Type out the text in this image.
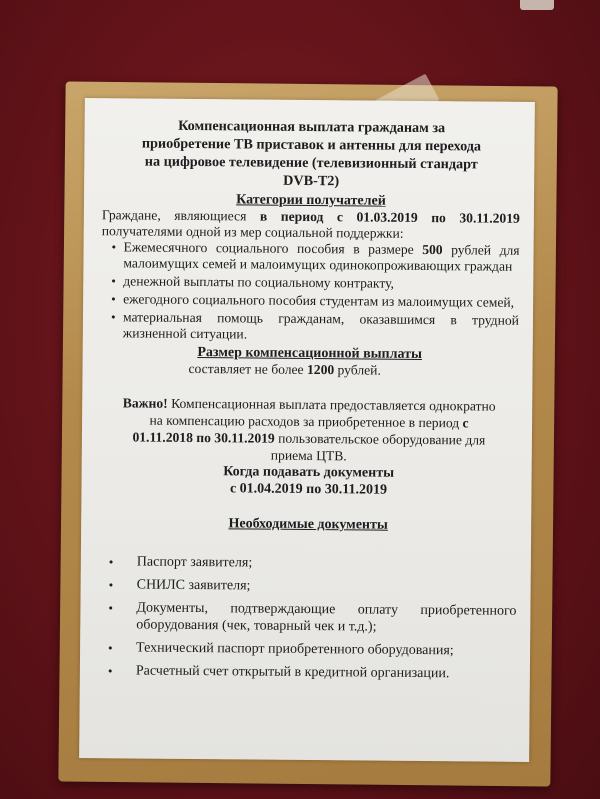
Компенсационная выплата гражданам за
приобретение ТВ приставок и антенны для перехода
на цифровое телевидение (телевизионный стандарт
DVB-T2)

Категории получателей

Граждане, являющиеся в период с 01.03.2019 по 30.11.2019 получателями одной из мер социальной поддержки:

• Ежемесячного социального пособия в размере 500 рублей для малоимущих семей и малоимущих одинокопроживающих граждан
• денежной выплаты по социальному контракту,
• ежегодного социального пособия студентам из малоимущих семей,
• материальная помощь гражданам, оказавшимся в трудной жизненной ситуации.

Размер компенсационной выплаты

составляет не более 1200 рублей.

Важно! Компенсационная выплата предоставляется однократно на компенсацию расходов за приобретенное в период с 01.11.2018 по 30.11.2019 пользовательское оборудование для приема ЦТВ.

Когда подавать документы

с 01.04.2019 по 30.11.2019

Необходимые документы

• Паспорт заявителя;
• СНИЛС заявителя;
• Документы, подтверждающие оплату приобретенного оборудования (чек, товарный чек и т.д.);
• Технический паспорт приобретенного оборудования;
• Расчетный счет открытый в кредитной организации.
